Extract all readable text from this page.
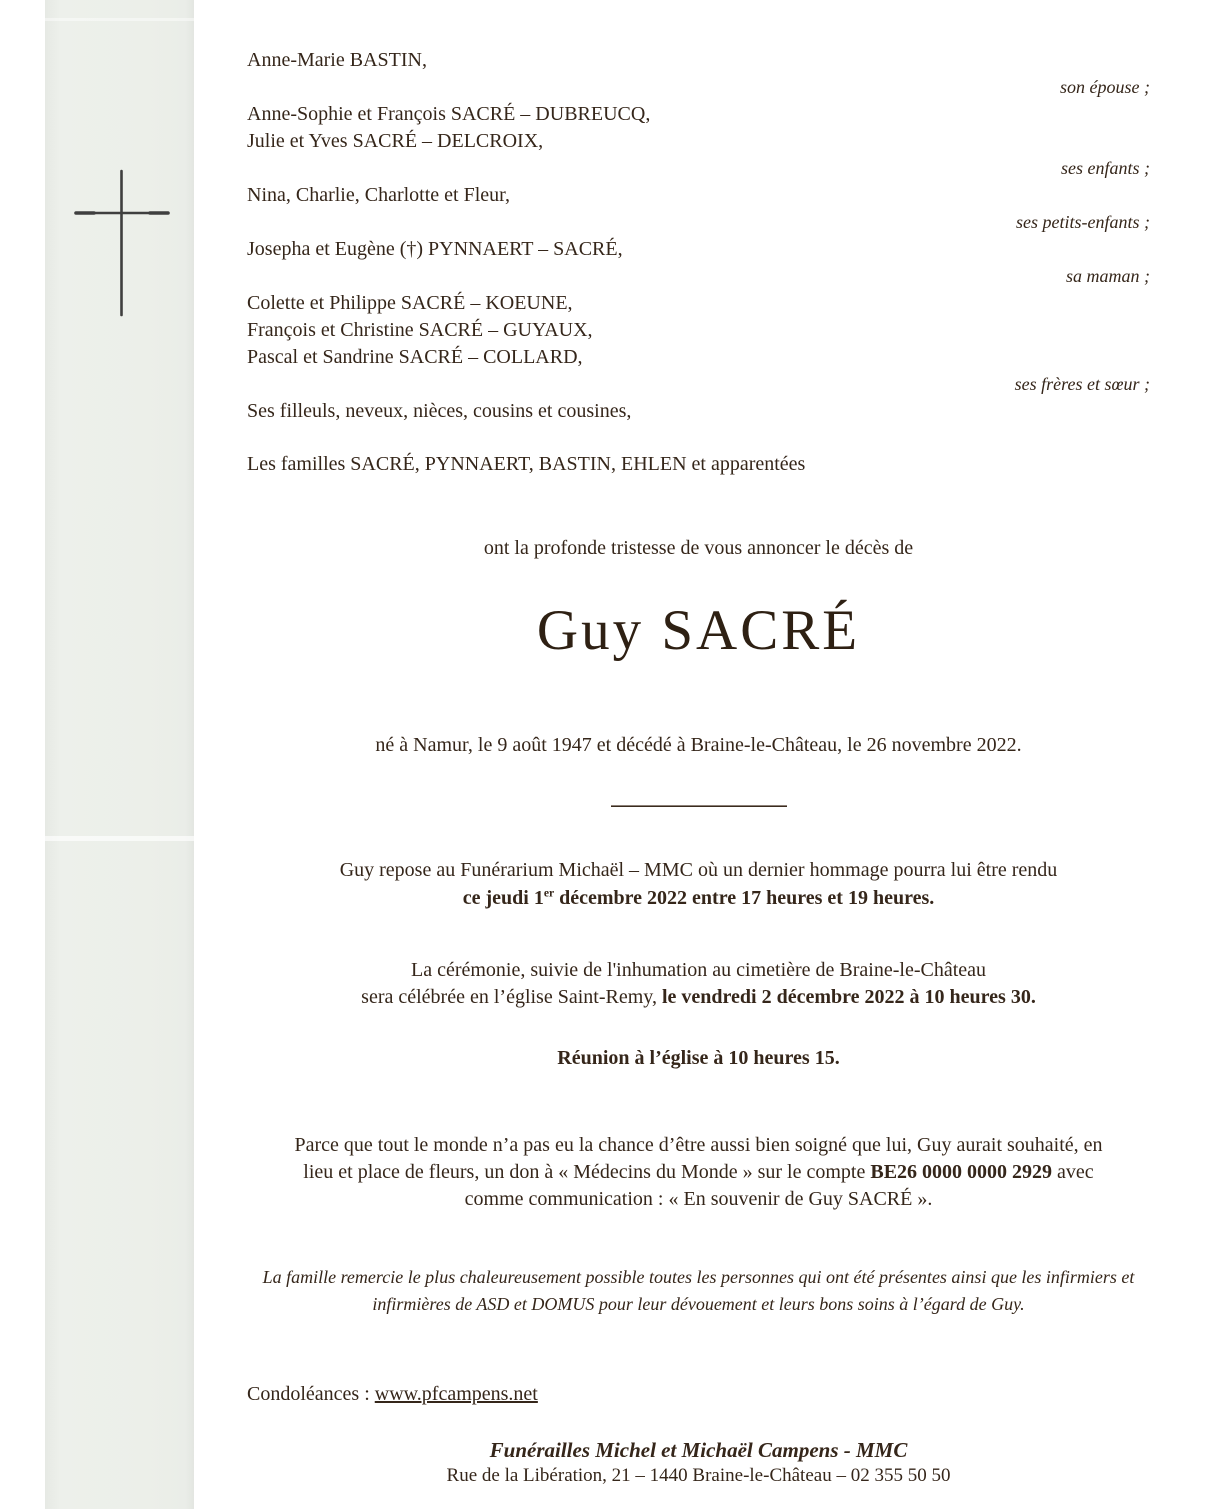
Anne-Marie BASTIN,
son épouse ;
Anne-Sophie et François SACRÉ – DUBREUCQ,
Julie et Yves SACRÉ – DELCROIX,
ses enfants ;
Nina, Charlie, Charlotte et Fleur,
ses petits-enfants ;
Josepha et Eugène (†) PYNNAERT – SACRÉ,
sa maman ;
Colette et Philippe SACRÉ – KOEUNE,
François et Christine SACRÉ – GUYAUX,
Pascal et Sandrine SACRÉ – COLLARD,
ses frères et sœur ;
Ses filleuls, neveux, nièces, cousins et cousines,
Les familles SACRÉ, PYNNAERT, BASTIN, EHLEN et apparentées

ont la profonde tristesse de vous annoncer le décès de

Guy SACRÉ

né à Namur, le 9 août 1947 et décédé à Braine-le-Château, le 26 novembre 2022.

Guy repose au Funérarium Michaël – MMC où un dernier hommage pourra lui être rendu
ce jeudi 1er décembre 2022 entre 17 heures et 19 heures.

La cérémonie, suivie de l'inhumation au cimetière de Braine-le-Château
sera célébrée en l’église Saint-Remy, le vendredi 2 décembre 2022 à 10 heures 30.

Réunion à l’église à 10 heures 15.

Parce que tout le monde n’a pas eu la chance d’être aussi bien soigné que lui, Guy aurait souhaité, en
lieu et place de fleurs, un don à « Médecins du Monde » sur le compte BE26 0000 0000 2929 avec
comme communication : « En souvenir de Guy SACRÉ ».

La famille remercie le plus chaleureusement possible toutes les personnes qui ont été présentes ainsi que les infirmiers et
infirmières de ASD et DOMUS pour leur dévouement et leurs bons soins à l’égard de Guy.

Condoléances : www.pfcampens.net

Funérailles Michel et Michaël Campens - MMC
Rue de la Libération, 21 – 1440 Braine-le-Château – 02 355 50 50
